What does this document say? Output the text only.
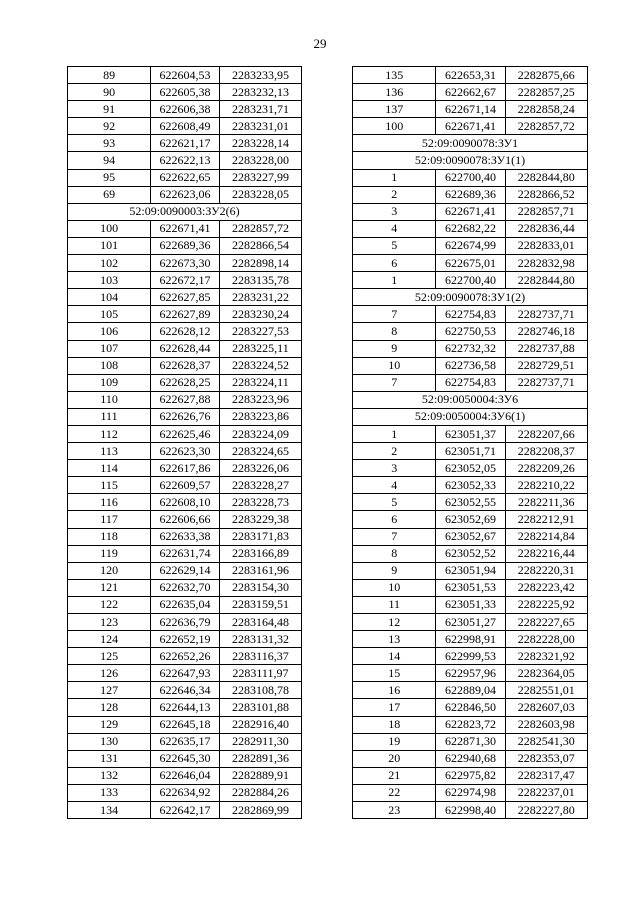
29
89	622604,53	2283233,95
90	622605,38	2283232,13
91	622606,38	2283231,71
92	622608,49	2283231,01
93	622621,17	2283228,14
94	622622,13	2283228,00
95	622622,65	2283227,99
69	622623,06	2283228,05
52:09:0090003:ЗУ2(6)		
100	622671,41	2282857,72
101	622689,36	2282866,54
102	622673,30	2282898,14
103	622672,17	2283135,78
104	622627,85	2283231,22
105	622627,89	2283230,24
106	622628,12	2283227,53
107	622628,44	2283225,11
108	622628,37	2283224,52
109	622628,25	2283224,11
110	622627,88	2283223,96
111	622626,76	2283223,86
112	622625,46	2283224,09
113	622623,30	2283224,65
114	622617,86	2283226,06
115	622609,57	2283228,27
116	622608,10	2283228,73
117	622606,66	2283229,38
118	622633,38	2283171,83
119	622631,74	2283166,89
120	622629,14	2283161,96
121	622632,70	2283154,30
122	622635,04	2283159,51
123	622636,79	2283164,48
124	622652,19	2283131,32
125	622652,26	2283116,37
126	622647,93	2283111,97
127	622646,34	2283108,78
128	622644,13	2283101,88
129	622645,18	2282916,40
130	622635,17	2282911,30
131	622645,30	2282891,36
132	622646,04	2282889,91
133	622634,92	2282884,26
134	622642,17	2282869,99
135	622653,31	2282875,66
136	622662,67	2282857,25
137	622671,14	2282858,24
100	622671,41	2282857,72
52:09:0090078:ЗУ1		
52:09:0090078:ЗУ1(1)		
1	622700,40	2282844,80
2	622689,36	2282866,52
3	622671,41	2282857,71
4	622682,22	2282836,44
5	622674,99	2282833,01
6	622675,01	2282832,98
1	622700,40	2282844,80
52:09:0090078:ЗУ1(2)		
7	622754,83	2282737,71
8	622750,53	2282746,18
9	622732,32	2282737,88
10	622736,58	2282729,51
7	622754,83	2282737,71
52:09:0050004:ЗУ6		
52:09:0050004:ЗУ6(1)		
1	623051,37	2282207,66
2	623051,71	2282208,37
3	623052,05	2282209,26
4	623052,33	2282210,22
5	623052,55	2282211,36
6	623052,69	2282212,91
7	623052,67	2282214,84
8	623052,52	2282216,44
9	623051,94	2282220,31
10	623051,53	2282223,42
11	623051,33	2282225,92
12	623051,27	2282227,65
13	622998,91	2282228,00
14	622999,53	2282321,92
15	622957,96	2282364,05
16	622889,04	2282551,01
17	622846,50	2282607,03
18	622823,72	2282603,98
19	622871,30	2282541,30
20	622940,68	2282353,07
21	622975,82	2282317,47
22	622974,98	2282237,01
23	622998,40	2282227,80
